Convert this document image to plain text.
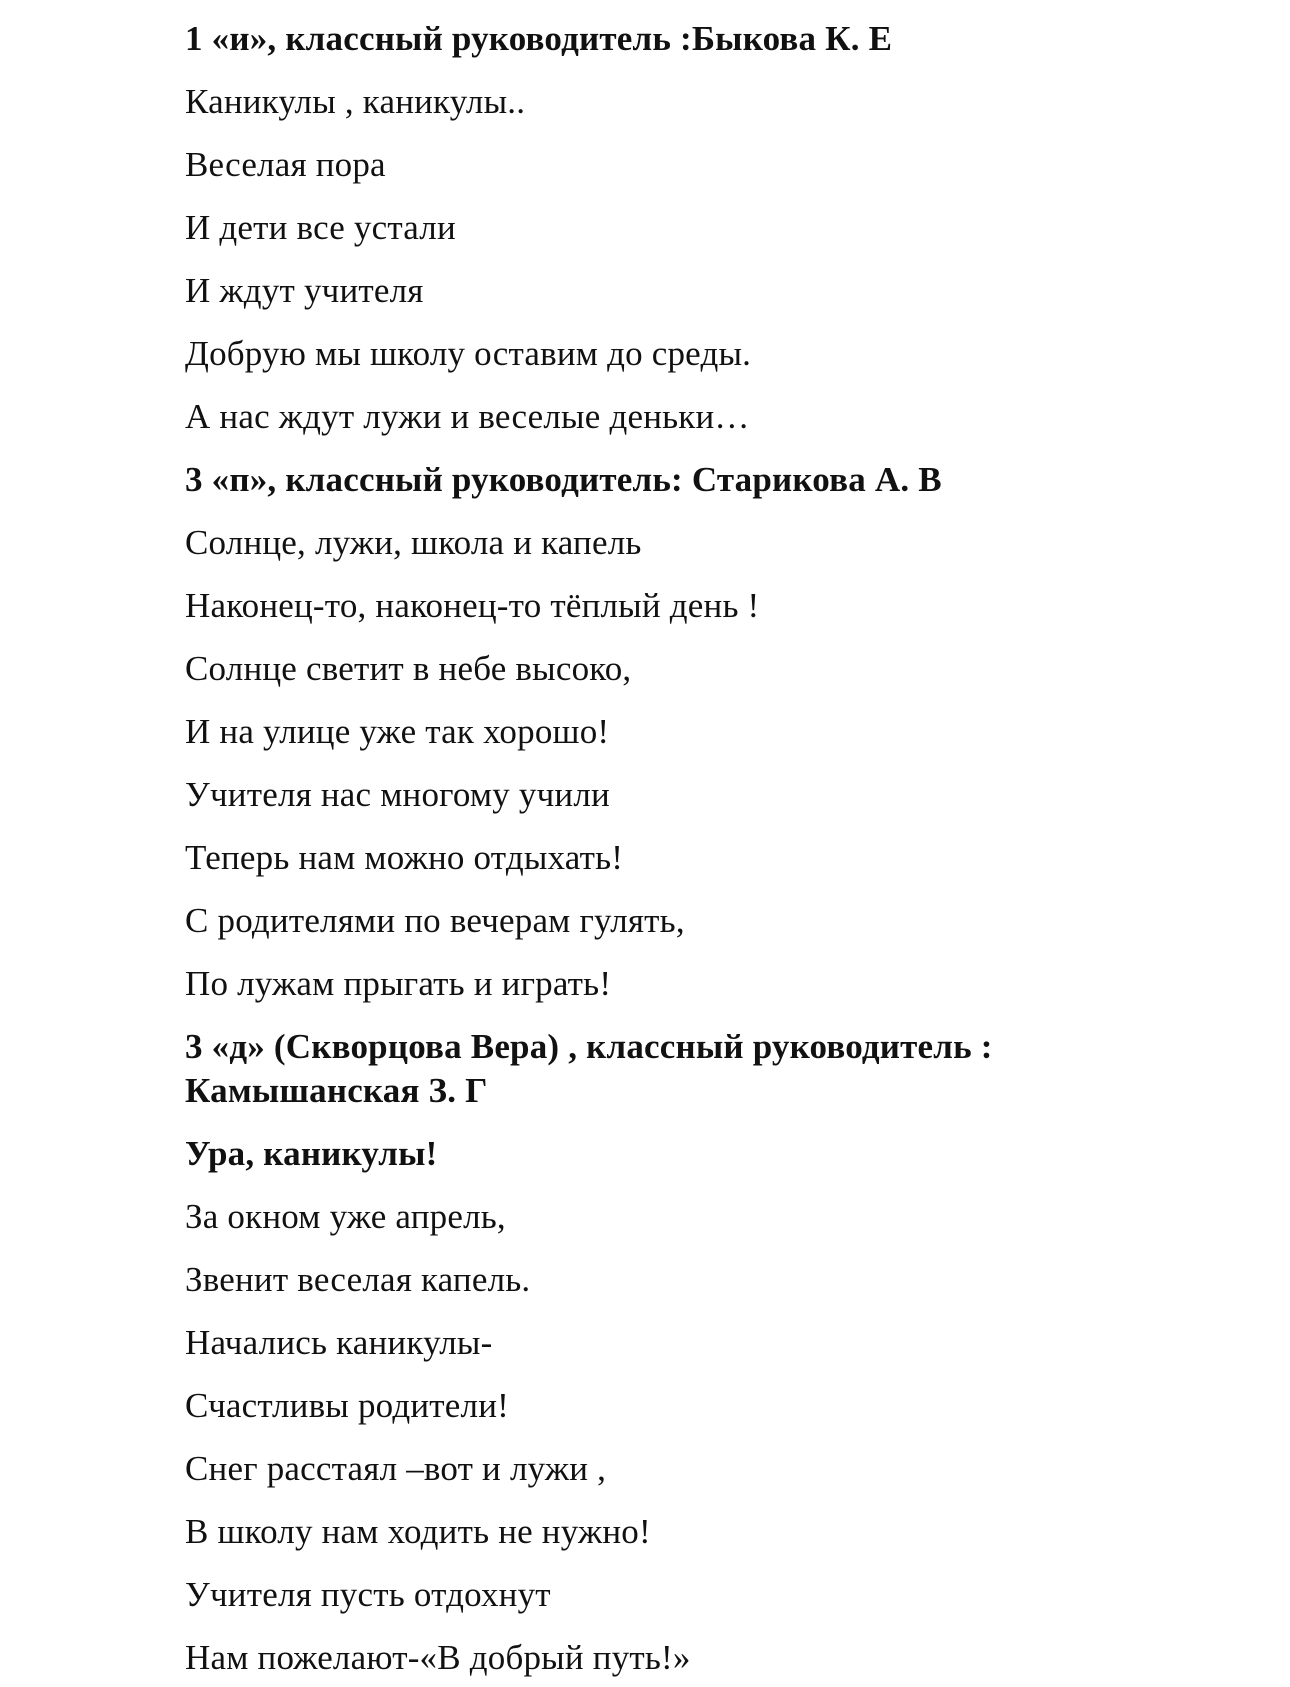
1 «и», классный руководитель :Быкова К. Е
Каникулы , каникулы..
Веселая пора
И дети все устали
И ждут учителя
Добрую мы школу оставим до среды.
А нас ждут лужи и веселые деньки…
3 «п», классный руководитель: Старикова А. В
Солнце, лужи, школа и капель
Наконец-то, наконец-то тёплый день !
Солнце светит в небе высоко,
И на улице уже так хорошо!
Учителя нас многому учили
Теперь нам можно отдыхать!
С родителями по вечерам гулять,
По лужам прыгать и играть!
3 «д» (Скворцова Вера) , классный руководитель :
Камышанская З. Г
Ура, каникулы!
За окном уже апрель,
Звенит веселая капель.
Начались каникулы-
Счастливы родители!
Снег расстаял –вот и лужи ,
В школу нам ходить не нужно!
Учителя пусть отдохнут
Нам пожелают-«В добрый путь!»
